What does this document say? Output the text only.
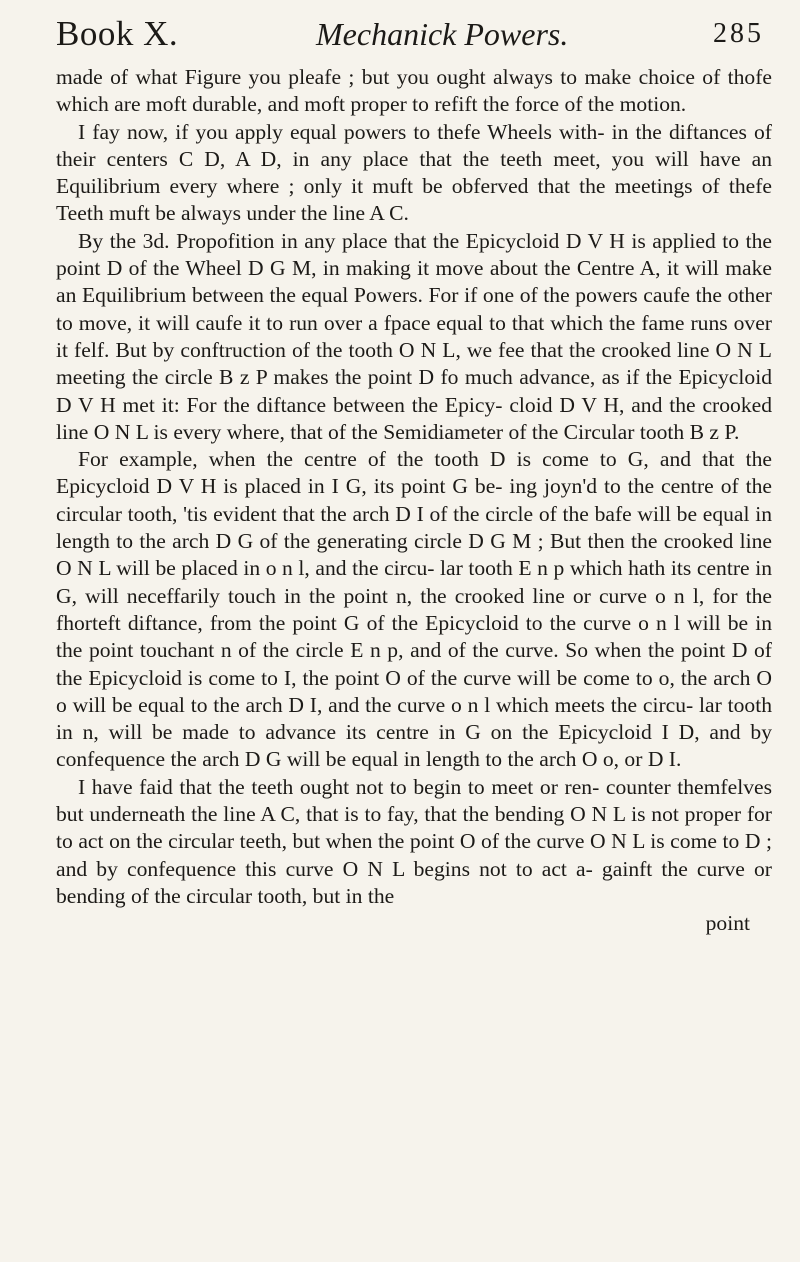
Book X.	Mechanick Powers.	285

made of what Figure you pleafe ; but you ought always to make choice of thofe which are moft durable, and moft proper to refift the force of the motion.

I fay now, if you apply equal powers to thefe Wheels with- in the diftances of their centers C D, A D, in any place that the teeth meet, you will have an Equilibrium every where ; only it muft be obferved that the meetings of thefe Teeth muft be always under the line A C.

By the 3d. Propofition in any place that the Epicycloid D V H is applied to the point D of the Wheel D G M, in making it move about the Centre A, it will make an Equilibrium between the equal Powers. For if one of the powers caufe the other to move, it will caufe it to run over a fpace equal to that which the fame runs over it felf. But by conftruction of the tooth O N L, we fee that the crooked line O N L meeting the circle B z P makes the point D fo much advance, as if the Epicycloid D V H met it: For the diftance between the Epicy- cloid D V H, and the crooked line O N L is every where, that of the Semidiameter of the Circular tooth B z P.

For example, when the centre of the tooth D is come to G, and that the Epicycloid D V H is placed in I G, its point G be- ing joyn'd to the centre of the circular tooth, 'tis evident that the arch D I of the circle of the bafe will be equal in length to the arch D G of the generating circle D G M ; But then the crooked line O N L will be placed in o n l, and the circu- lar tooth E n p which hath its centre in G, will neceffarily touch in the point n, the crooked line or curve o n l, for the fhorteft diftance, from the point G of the Epicycloid to the curve o n l will be in the point touchant n of the circle E n p, and of the curve. So when the point D of the Epicycloid is come to I, the point O of the curve will be come to o, the arch O o will be equal to the arch D I, and the curve o n l which meets the circu- lar tooth in n, will be made to advance its centre in G on the Epicycloid I D, and by confequence the arch D G will be equal in length to the arch O o, or D I.

I have faid that the teeth ought not to begin to meet or ren- counter themfelves but underneath the line A C, that is to fay, that the bending O N L is not proper for to act on the circular teeth, but when the point O of the curve O N L is come to D ; and by confequence this curve O N L begins not to act a- gainft the curve or bending of the circular tooth, but in the

point
